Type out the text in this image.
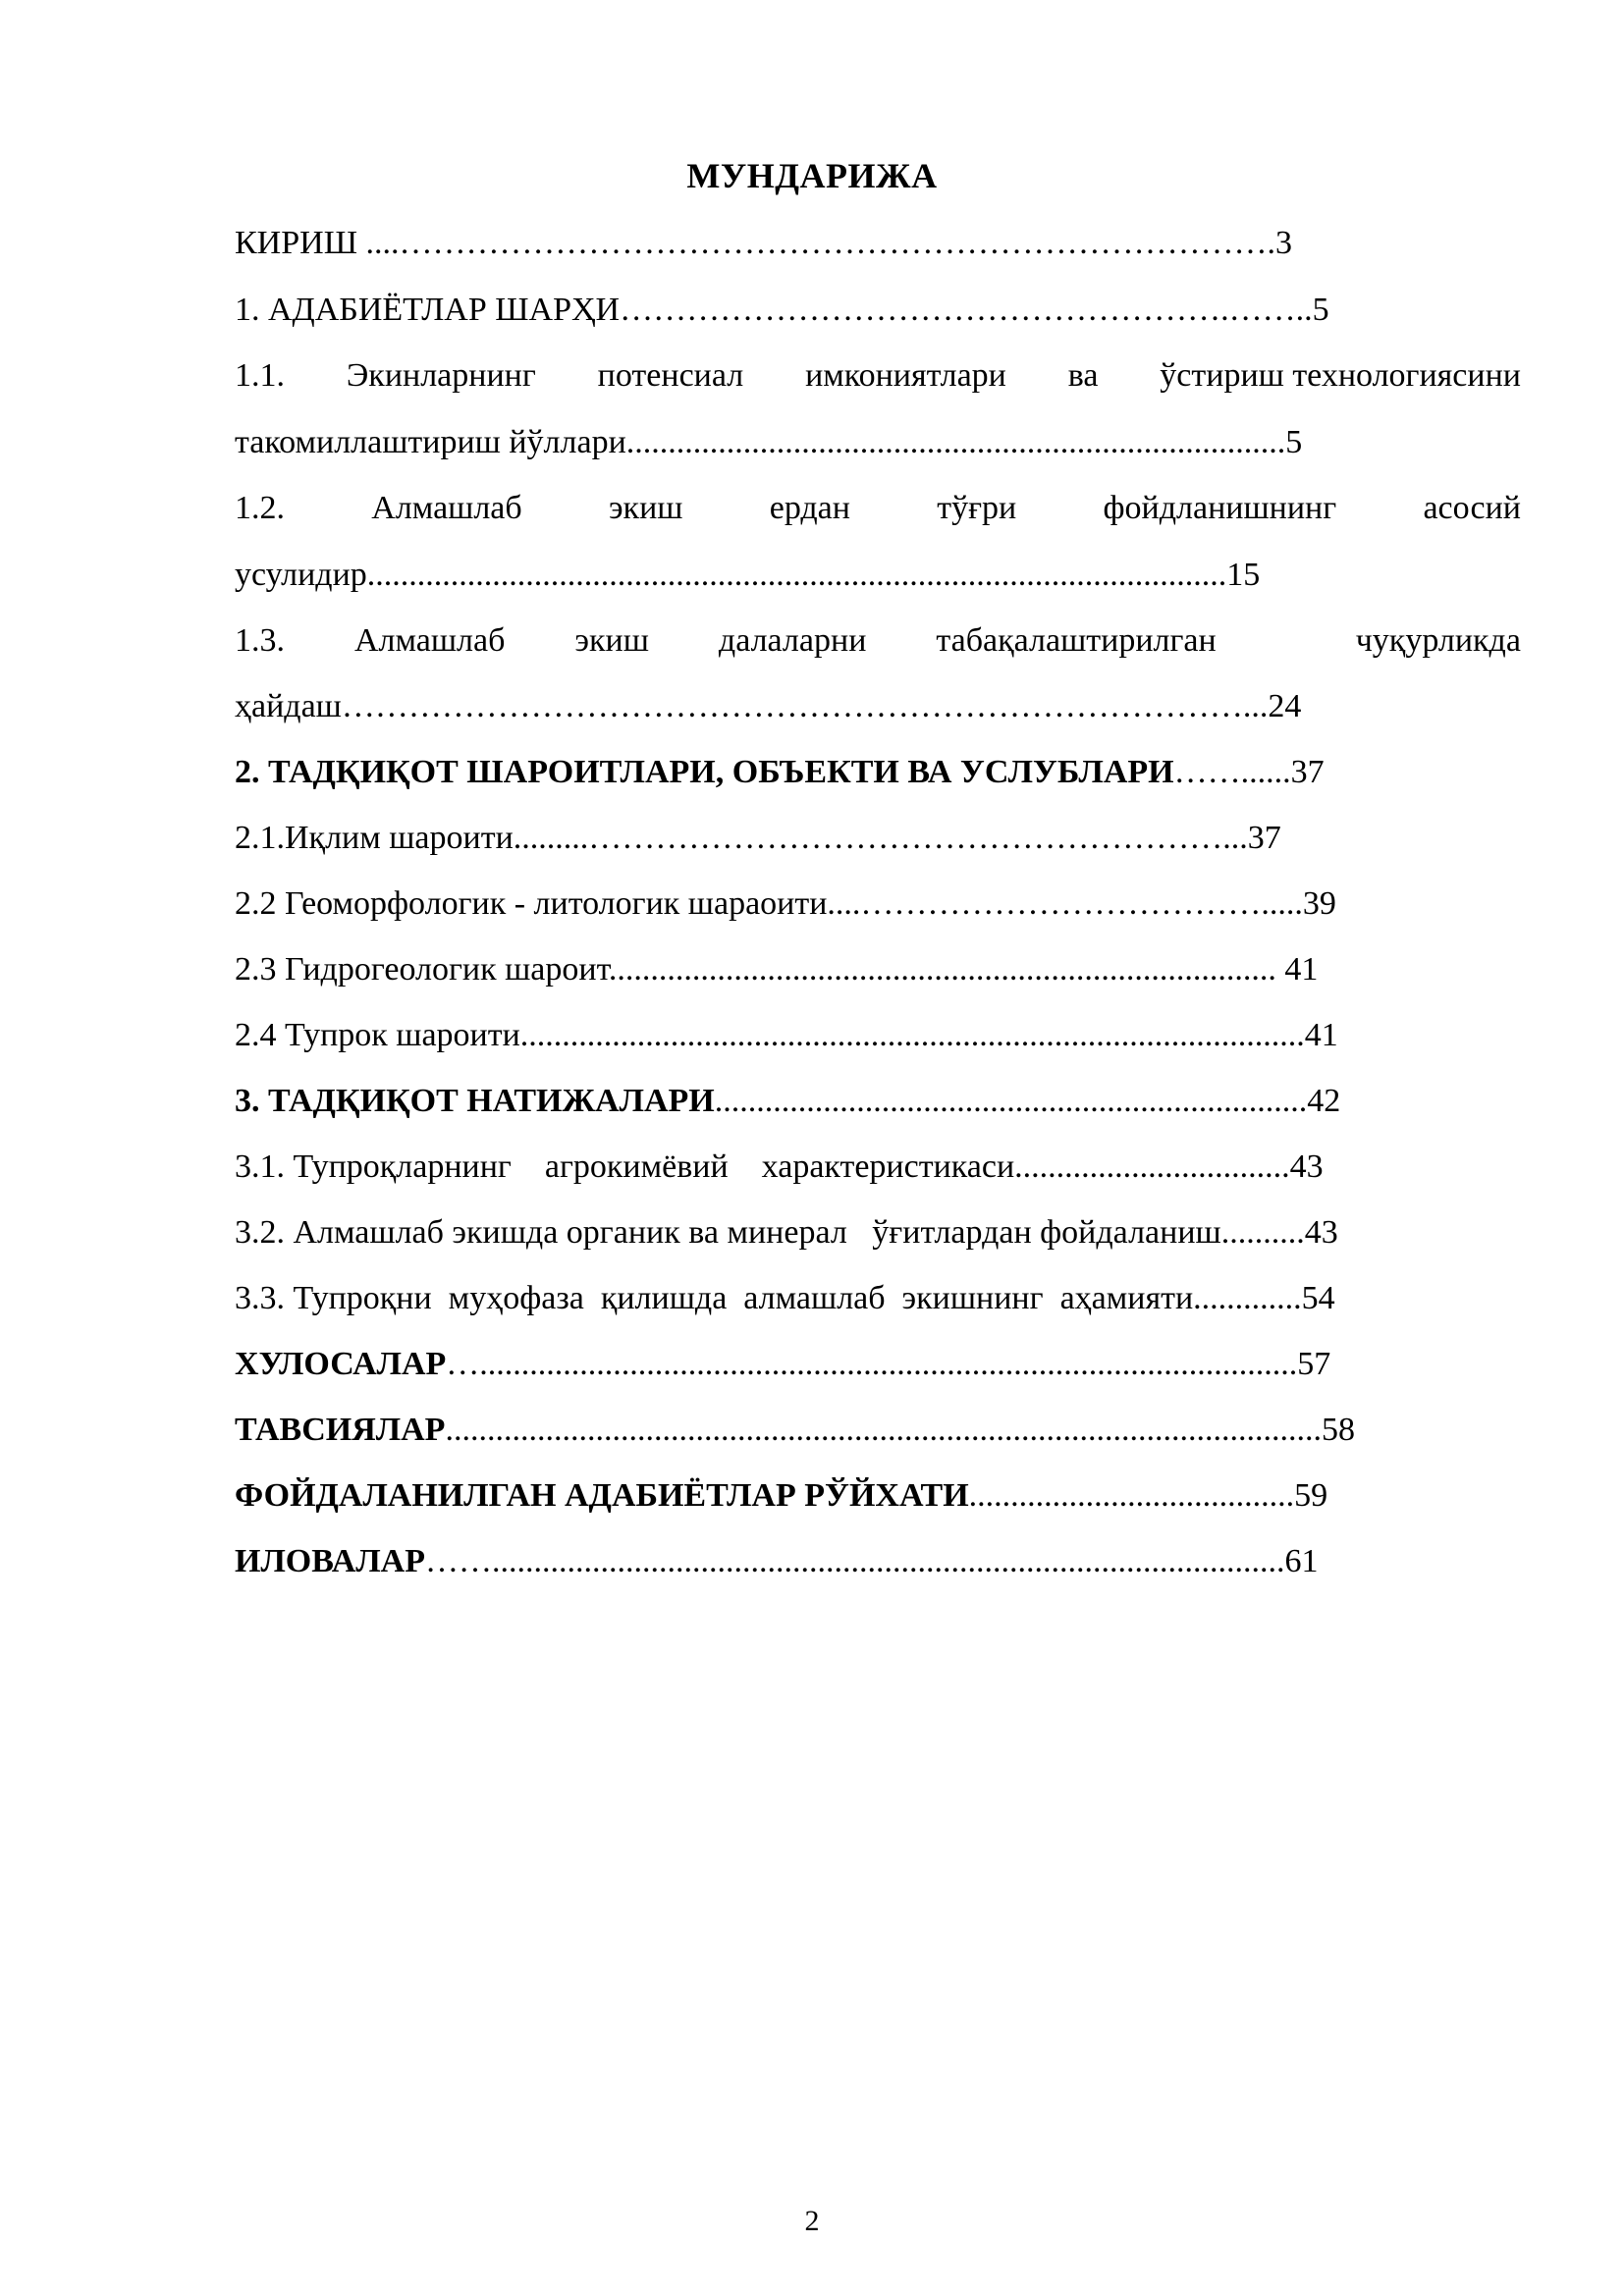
МУНДАРИЖА
КИРИШ ....…………………………………………………………………….3
1. АДАБИЁТЛАР ШАРҲИ……………………………………………….……..5
1.1. Экинларнинг потенсиал имкониятлари ва ўстириш технологиясини
такомиллаштириш йўллари...............................................................................5
1.2.	Алмашлаб	экиш	ердан	тўғри	фойдланишнинг	асосий
усулидир.......................................................................................................15
1.3. Алмашлаб экиш далаларни табақалаштирилган	чуқурликда
ҳайдаш………………………………………………………………………...24
2. ТАДҚИҚОТ ШАРОИТЛАРИ, ОБЪЕКТИ ВА УСЛУБЛАРИ……......37
2.1.Иқлим шароити.........…………………………………………………...37
2.2 Геоморфологик - литологик шараоити....……………………………….....39
2.3 Гидрогеологик шароит................................................................................ 41
2.4 Тупрок шароити..............................................................................................41
3. ТАДҚИҚОТ НАТИЖАЛАРИ.......................................................................42
3.1. Тупроқларнинг    агрокимёвий    характеристикаси.................................43
3.2. Алмашлаб экишда органик ва минерал   ўғитлардан фойдаланиш..........43
3.3. Тупроқни  муҳофаза  қилишда  алмашлаб  экишнинг  аҳамияти.............54
ХУЛОСАЛАР…..................................................................................................57
ТАВСИЯЛАР.........................................................................................................58
ФОЙДАЛАНИЛГАН АДАБИЁТЛАР РЎЙХАТИ.......................................59
ИЛОВАЛАР……...............................................................................................61
2
